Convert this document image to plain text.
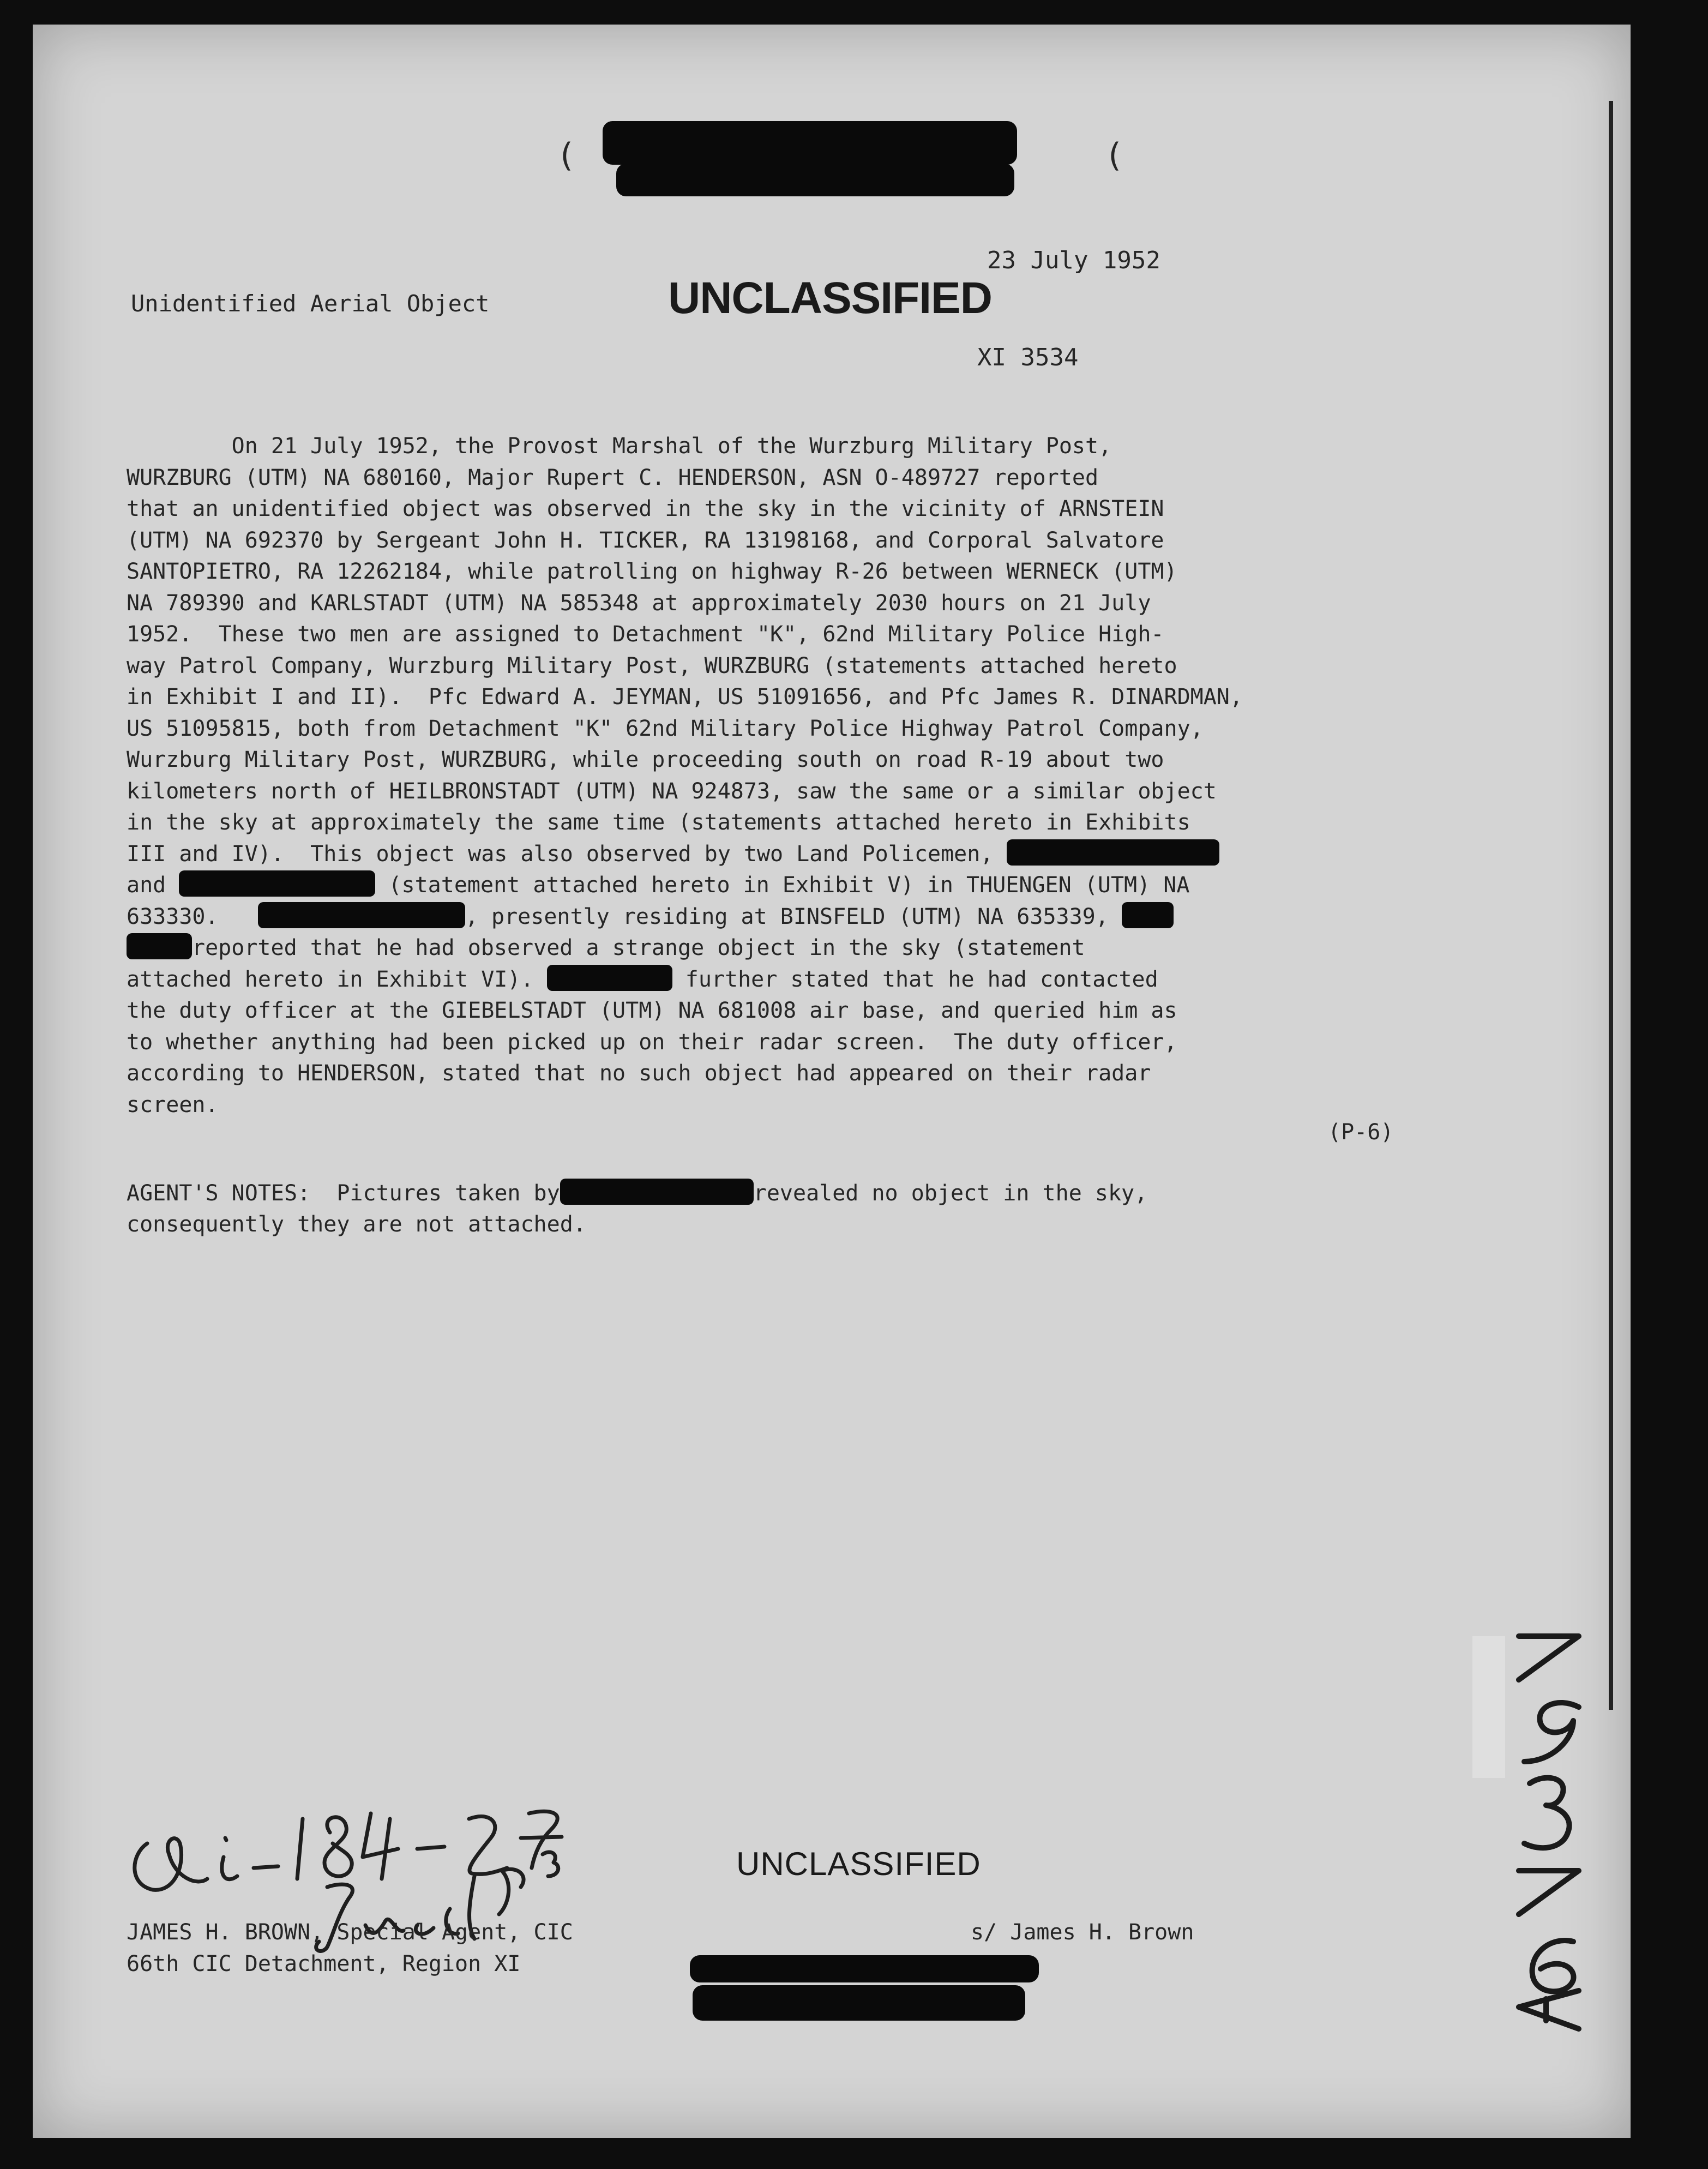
(	(
23 July 1952
Unidentified Aerial Object	UNCLASSIFIED
XI 3534
On 21 July 1952, the Provost Marshal of the Wurzburg Military Post,
WURZBURG (UTM) NA 680160, Major Rupert C. HENDERSON, ASN O-489727 reported
that an unidentified object was observed in the sky in the vicinity of ARNSTEIN
(UTM) NA 692370 by Sergeant John H. TICKER, RA 13198168, and Corporal Salvatore
SANTOPIETRO, RA 12262184, while patrolling on highway R-26 between WERNECK (UTM)
NA 789390 and KARLSTADT (UTM) NA 585348 at approximately 2030 hours on 21 July
1952.  These two men are assigned to Detachment "K", 62nd Military Police High-
way Patrol Company, Wurzburg Military Post, WURZBURG (statements attached hereto
in Exhibit I and II).  Pfc Edward A. JEYMAN, US 51091656, and Pfc James R. DINARDMAN,
US 51095815, both from Detachment "K" 62nd Military Police Highway Patrol Company,
Wurzburg Military Post, WURZBURG, while proceeding south on road R-19 about two
kilometers north of HEILBRONSTADT (UTM) NA 924873, saw the same or a similar object
in the sky at approximately the same time (statements attached hereto in Exhibits
III and IV).  This object was also observed by two Land Policemen,
and	(statement attached hereto in Exhibit V) in THUENGEN (UTM) NA
633330.	, presently residing at BINSFELD (UTM) NA 635339,
reported that he had observed a strange object in the sky (statement
attached hereto in Exhibit VI).	further stated that he had contacted
the duty officer at the GIEBELSTADT (UTM) NA 681008 air base, and queried him as
to whether anything had been picked up on their radar screen.  The duty officer,
according to HENDERSON, stated that no such object had appeared on their radar
screen.
(P-6)
AGENT'S NOTES: Pictures taken by	revealed no object in the sky,
consequently they are not attached.
UNCLASSIFIED
JAMES H. BROWN, Special Agent, CIC
66th CIC Detachment, Region XI
s/ James H. Brown
